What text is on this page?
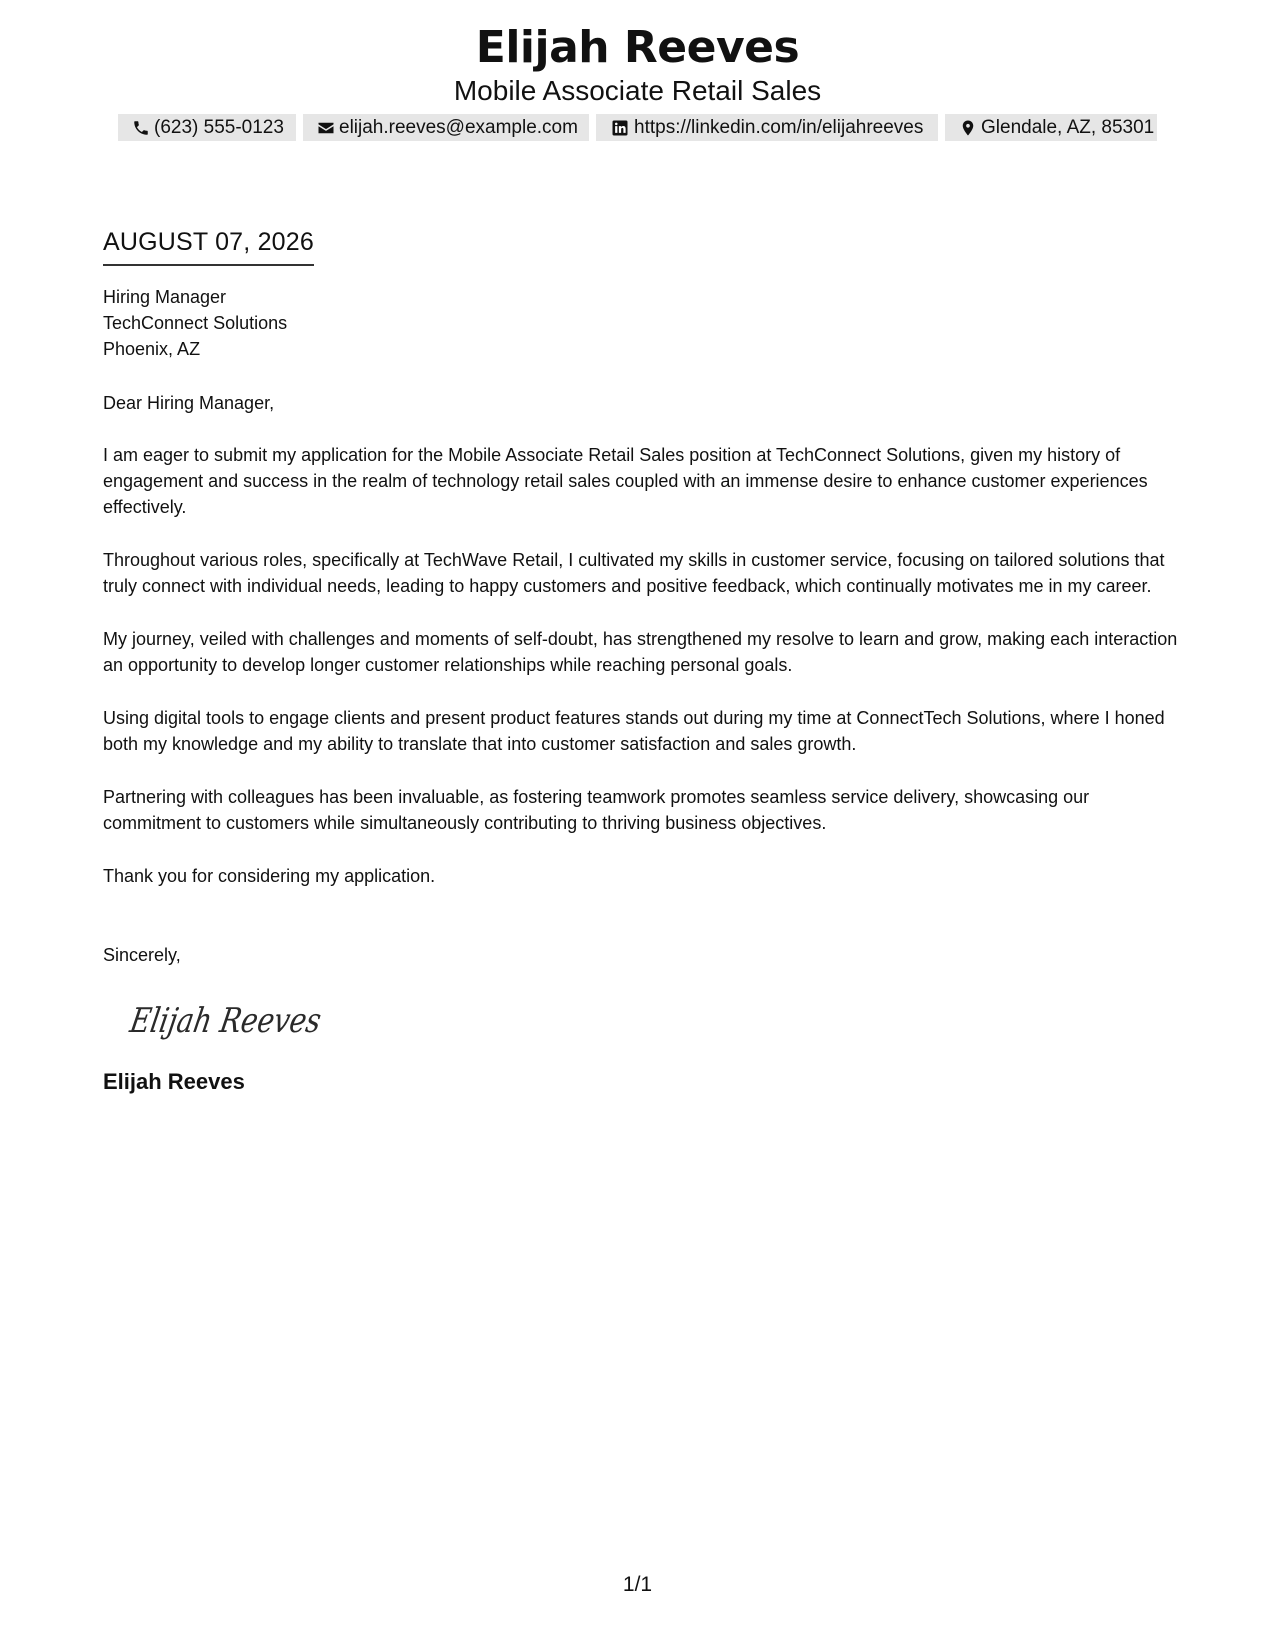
Elijah Reeves
Mobile Associate Retail Sales
(623) 555-0123	elijah.reeves@example.com	https://linkedin.com/in/elijahreeves	Glendale, AZ, 85301
AUGUST 07, 2026
Hiring Manager
TechConnect Solutions
Phoenix, AZ

Dear Hiring Manager,

I am eager to submit my application for the Mobile Associate Retail Sales position at TechConnect Solutions, given my history of engagement and success in the realm of technology retail sales coupled with an immense desire to enhance customer experiences effectively.

Throughout various roles, specifically at TechWave Retail, I cultivated my skills in customer service, focusing on tailored solutions that truly connect with individual needs, leading to happy customers and positive feedback, which continually motivates me in my career.

My journey, veiled with challenges and moments of self-doubt, has strengthened my resolve to learn and grow, making each interaction an opportunity to develop longer customer relationships while reaching personal goals.

Using digital tools to engage clients and present product features stands out during my time at ConnectTech Solutions, where I honed both my knowledge and my ability to translate that into customer satisfaction and sales growth.

Partnering with colleagues has been invaluable, as fostering teamwork promotes seamless service delivery, showcasing our commitment to customers while simultaneously contributing to thriving business objectives.

Thank you for considering my application.

Sincerely,

Elijah Reeves
Elijah Reeves
1/1
